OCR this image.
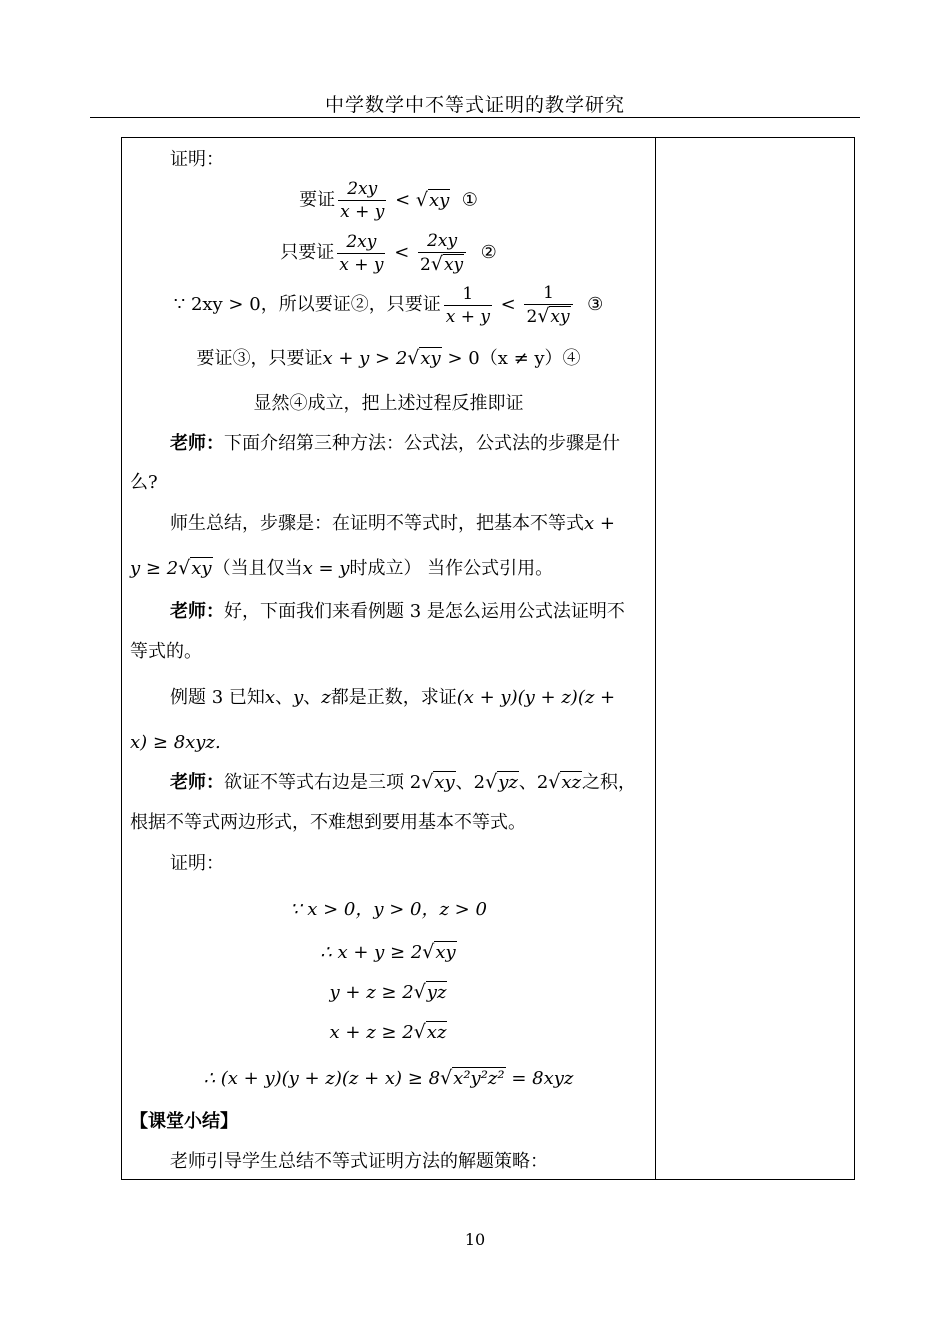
中学数学中不等式证明的教学研究
证明：
要证 $\frac{2xy}{x + y} < √xy$ ①
只要证 $\frac{2xy}{x + y} < \frac{2xy}{2√xy}$ ②
∵ 2xy > 0，所以要证②，只要证 $\frac{1}{x + y} < \frac{1}{2√xy}$ ③
要证③，只要证x + y > 2√xy > 0（x ≠ y）④
显然④成立，把上述过程反推即证
老师：下面介绍第三种方法：公式法，公式法的步骤是什
么?
师生总结，步骤是：在证明不等式时，把基本不等式x +
y ≥ 2√xy（当且仅当x = y时成立） 当作公式引用。
老师：好，下面我们来看例题 3 是怎么运用公式法证明不
等式的。
例题 3 已知x、y、z都是正数，求证(x + y)(y + z)(z +
x) ≥ 8xyz.
老师：欲证不等式右边是三项 2√xy、2√yz、2√xz之积，
根据不等式两边形式，不难想到要用基本不等式。
证明：
∵ x > 0，y > 0，z > 0
∴ x + y ≥ 2√xy
y + z ≥ 2√yz
x + z ≥ 2√xz
∴ (x + y)(y + z)(z + x) ≥ 8√x²y²z² = 8xyz
【课堂小结】
老师引导学生总结不等式证明方法的解题策略：
10
